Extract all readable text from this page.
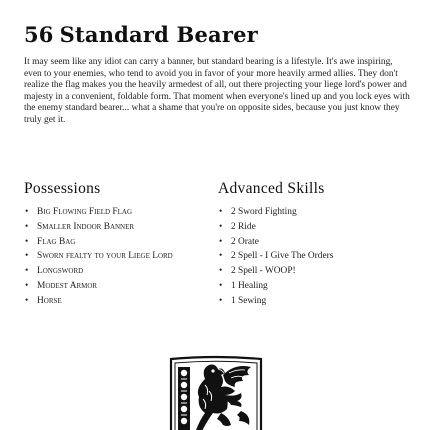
56 Standard Bearer

It may seem like any idiot can carry a banner, but standard bearing is a lifestyle. It's awe inspiring, even to your enemies, who tend to avoid you in favor of your more heavily armed allies. They don't realize the flag makes you the heavily armedest of all, out there projecting your liege lord's power and majesty in a convenient, foldable form. That moment when everyone's lined up and you lock eyes with the enemy standard bearer... what a shame that you're on opposite sides, because you just know they truly get it.

Possessions
• Big Flowing Field Flag
• Smaller Indoor Banner
• Flag Bag
• Sworn fealty to your Liege Lord
• Longsword
• Modest Armor
• Horse
Advanced Skills
• 2 Sword Fighting
• 2 Ride
• 2 Orate
• 2 Spell - I Give The Orders
• 2 Spell - WOOP!
• 1 Healing
• 1 Sewing
